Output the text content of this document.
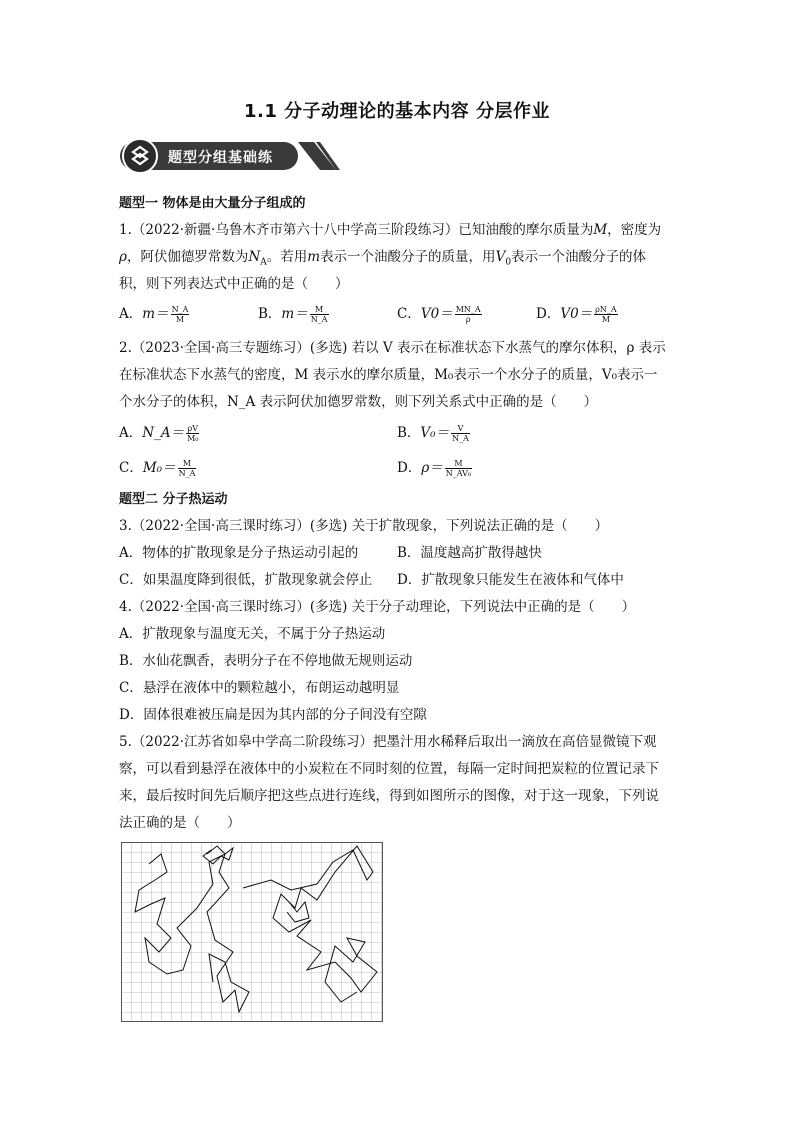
1.1 分子动理论的基本内容 分层作业
题型分组基础练
题型一 物体是由大量分子组成的
1.（2022·新疆·乌鲁木齐市第六十八中学高三阶段练习）已知油酸的摩尔质量为M，密度为
ρ，阿伏伽德罗常数为$N_A$。若用m表示一个油酸分子的质量，用$V_0$表示一个油酸分子的体
积，则下列表达式中正确的是（　　）
A．$m= \frac{N\_A}{M}$	B．$m= \frac{M}{N\_A}$	C．$V0= \frac{MN\_A}{\rho}$	D．$V0= \frac{\rho N\_A}{M}$
2.（2023·全国·高三专题练习）(多选) 若以 V 表示在标准状态下水蒸气的摩尔体积，ρ 表示
在标准状态下水蒸气的密度，M 表示水的摩尔质量，M₀表示一个水分子的质量，V₀表示一
个水分子的体积，N_A 表示阿伏加德罗常数，则下列关系式中正确的是（　　）
A．N_A＝ $\frac{\rho V}{\text{M₀}}$	B．$V_0= \frac{V}{N\_A}$
C．$M_0= \frac{M}{N\_A}$	D．$\rho= \frac{M}{\text{N\_AV₀}}$
题型二 分子热运动
3.（2022·全国·高三课时练习）(多选) 关于扩散现象，下列说法正确的是（　　）
A．物体的扩散现象是分子热运动引起的	B．温度越高扩散得越快
C．如果温度降到很低，扩散现象就会停止 D．扩散现象只能发生在液体和气体中
4.（2022·全国·高三课时练习）(多选) 关于分子动理论，下列说法中正确的是（　　）
A．扩散现象与温度无关，不属于分子热运动
B．水仙花飘香，表明分子在不停地做无规则运动
C．悬浮在液体中的颗粒越小，布朗运动越明显
D．固体很难被压扁是因为其内部的分子间没有空隙
5.（2022·江苏省如皋中学高二阶段练习）把墨汁用水稀释后取出一滴放在高倍显微镜下观
察，可以看到悬浮在液体中的小炭粒在不同时刻的位置，每隔一定时间把炭粒的位置记录下
来，最后按时间先后顺序把这些点进行连线，得到如图所示的图像，对于这一现象，下列说
法正确的是（　　）
